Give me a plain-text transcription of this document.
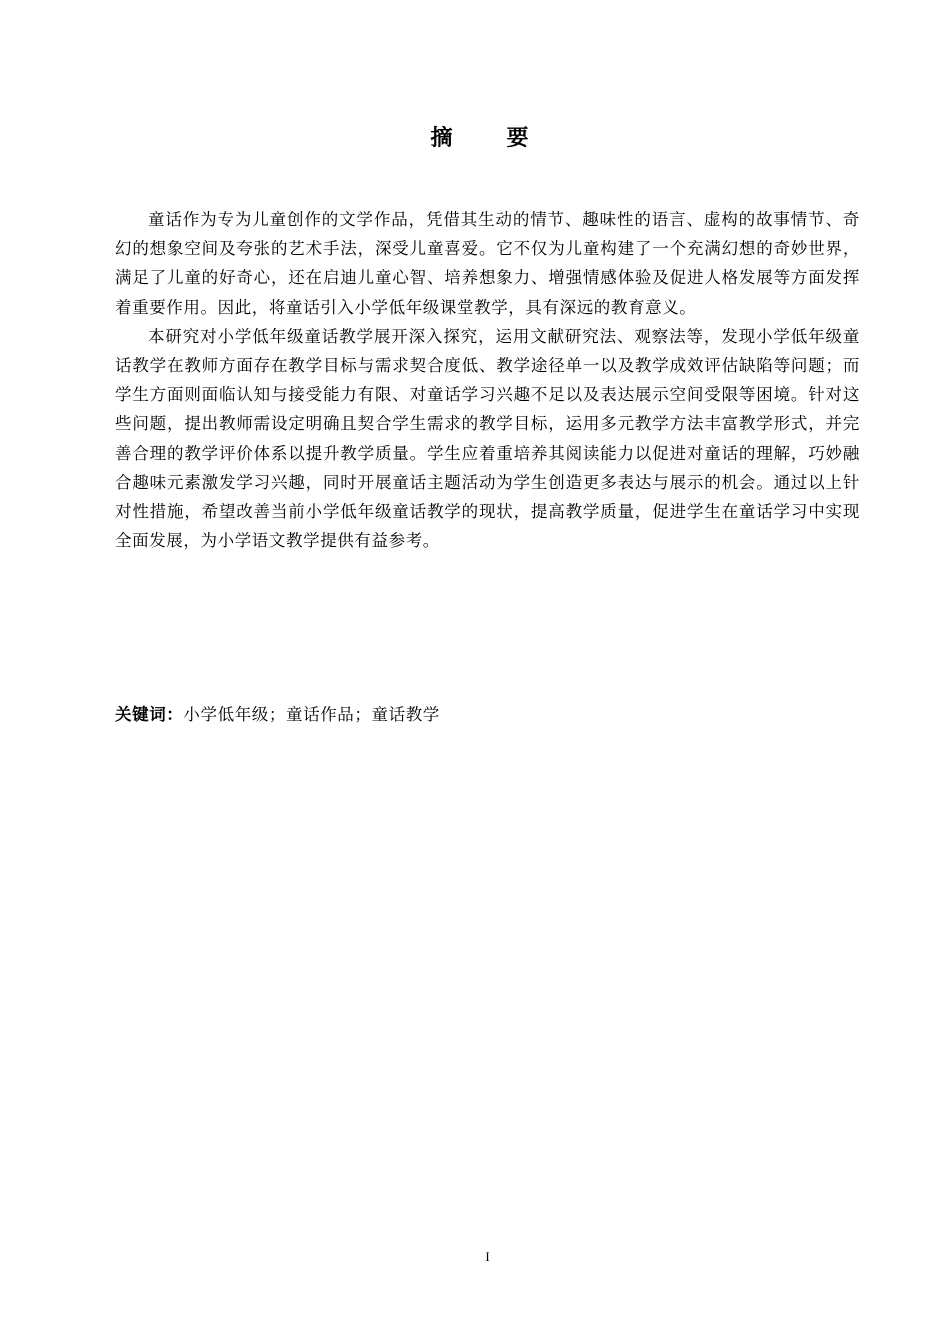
摘　要

童话作为专为儿童创作的文学作品，凭借其生动的情节、趣味性的语言、虚构的故事情节、奇幻的想象空间及夸张的艺术手法，深受儿童喜爱。它不仅为儿童构建了一个充满幻想的奇妙世界，满足了儿童的好奇心，还在启迪儿童心智、培养想象力、增强情感体验及促进人格发展等方面发挥着重要作用。因此，将童话引入小学低年级课堂教学，具有深远的教育意义。

本研究对小学低年级童话教学展开深入探究，运用文献研究法、观察法等，发现小学低年级童话教学在教师方面存在教学目标与需求契合度低、教学途径单一以及教学成效评估缺陷等问题；而学生方面则面临认知与接受能力有限、对童话学习兴趣不足以及表达展示空间受限等困境。针对这些问题，提出教师需设定明确且契合学生需求的教学目标，运用多元教学方法丰富教学形式，并完善合理的教学评价体系以提升教学质量。学生应着重培养其阅读能力以促进对童话的理解，巧妙融合趣味元素激发学习兴趣，同时开展童话主题活动为学生创造更多表达与展示的机会。通过以上针对性措施，希望改善当前小学低年级童话教学的现状，提高教学质量，促进学生在童话学习中实现全面发展，为小学语文教学提供有益参考。

关键词：小学低年级；童话作品；童话教学
I
